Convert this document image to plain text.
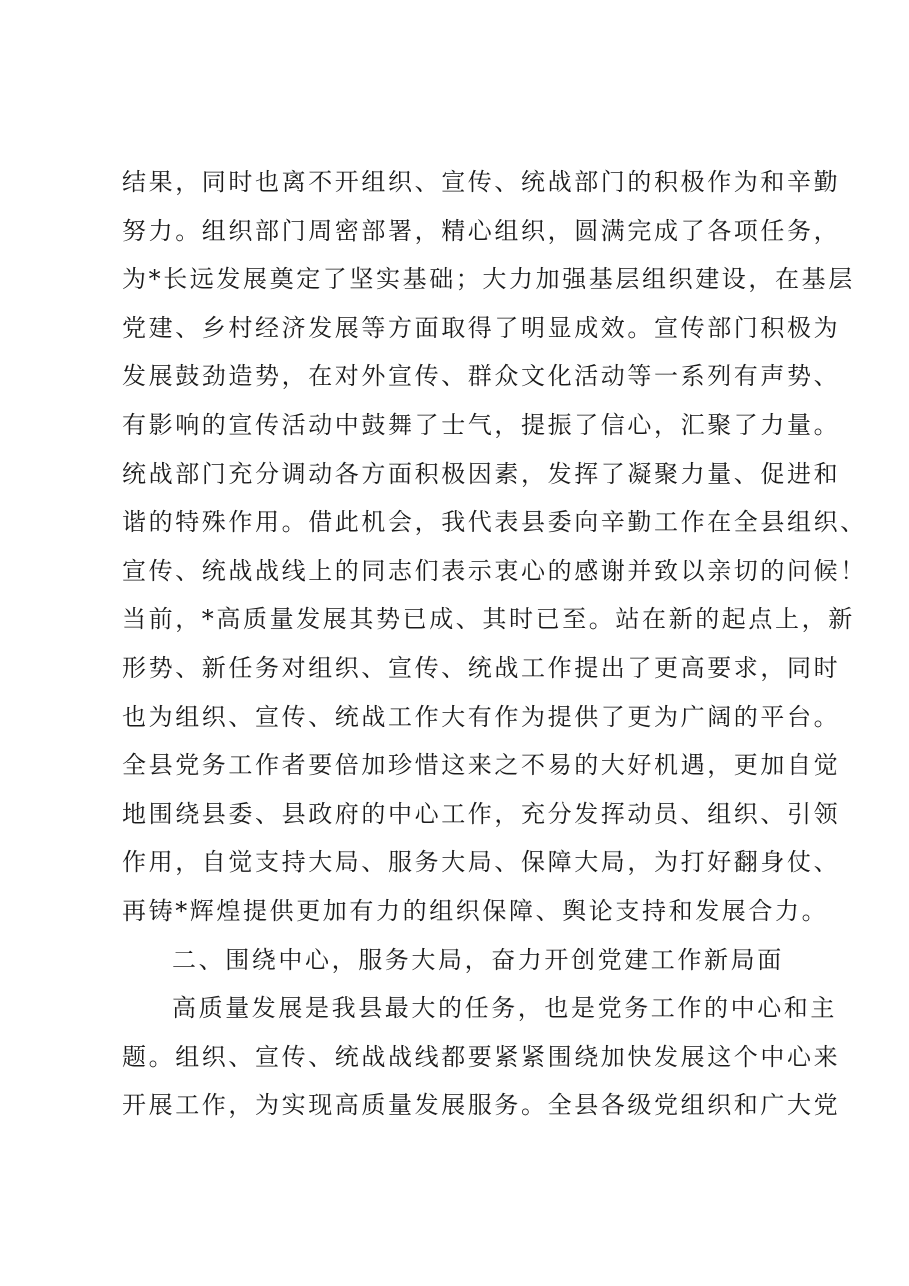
结果，同时也离不开组织、宣传、统战部门的积极作为和辛勤
努力。组织部门周密部署，精心组织，圆满完成了各项任务，
为*长远发展奠定了坚实基础；大力加强基层组织建设，在基层
党建、乡村经济发展等方面取得了明显成效。宣传部门积极为
发展鼓劲造势，在对外宣传、群众文化活动等一系列有声势、
有影响的宣传活动中鼓舞了士气，提振了信心，汇聚了力量。
统战部门充分调动各方面积极因素，发挥了凝聚力量、促进和
谐的特殊作用。借此机会，我代表县委向辛勤工作在全县组织、
宣传、统战战线上的同志们表示衷心的感谢并致以亲切的问候！
当前，*高质量发展其势已成、其时已至。站在新的起点上，新
形势、新任务对组织、宣传、统战工作提出了更高要求，同时
也为组织、宣传、统战工作大有作为提供了更为广阔的平台。
全县党务工作者要倍加珍惜这来之不易的大好机遇，更加自觉
地围绕县委、县政府的中心工作，充分发挥动员、组织、引领
作用，自觉支持大局、服务大局、保障大局，为打好翻身仗、
再铸*辉煌提供更加有力的组织保障、舆论支持和发展合力。
二、围绕中心，服务大局，奋力开创党建工作新局面
高质量发展是我县最大的任务，也是党务工作的中心和主
题。组织、宣传、统战战线都要紧紧围绕加快发展这个中心来
开展工作，为实现高质量发展服务。全县各级党组织和广大党
